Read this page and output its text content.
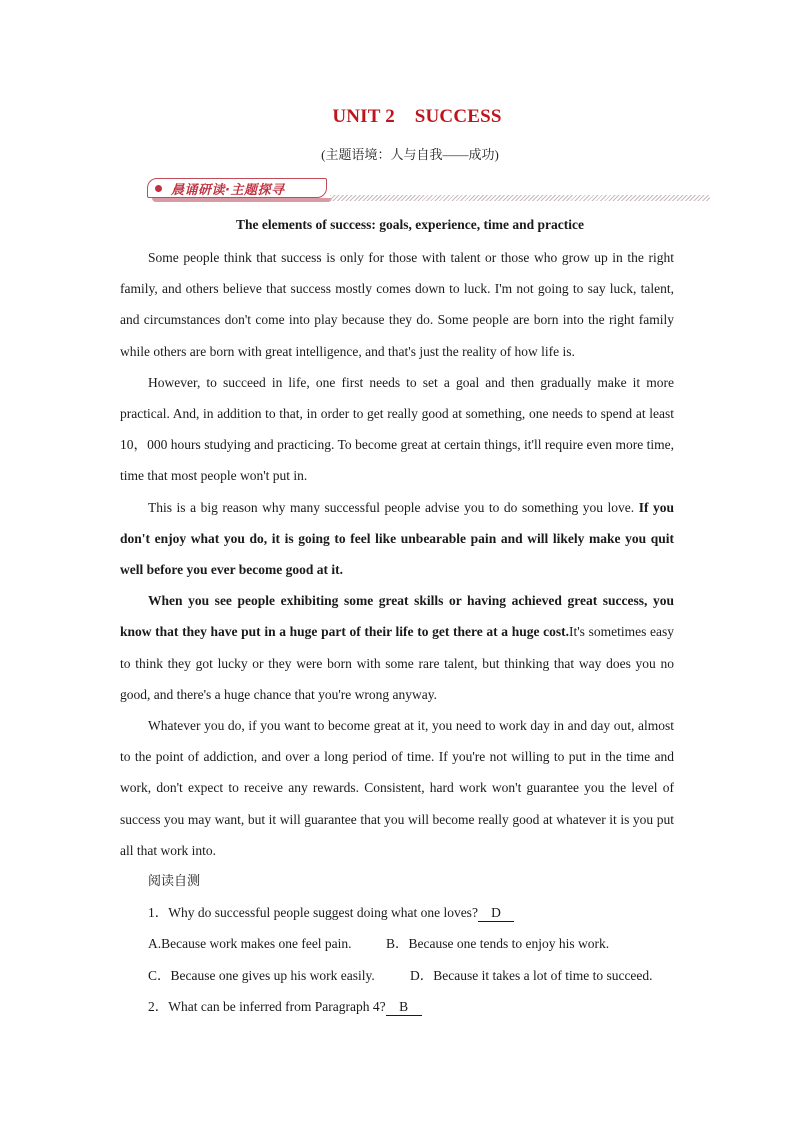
UNIT 2    SUCCESS
(主题语境：人与自我——成功)
晨诵研读·主题探寻
The elements of success: goals, experience, time and practice

Some people think that success is only for those with talent or those who grow up in the right family, and others believe that success mostly comes down to luck. I'm not going to say luck, talent, and circumstances don't come into play because they do. Some people are born into the right family while others are born with great intelligence, and that's just the reality of how life is.

However, to succeed in life, one first needs to set a goal and then gradually make it more practical. And, in addition to that, in order to get really good at something, one needs to spend at least 10，000 hours studying and practicing. To become great at certain things, it'll require even more time, time that most people won't put in.

This is a big reason why many successful people advise you to do something you love. If you don't enjoy what you do, it is going to feel like unbearable pain and will likely make you quit well before you ever become good at it.

When you see people exhibiting some great skills or having achieved great success, you know that they have put in a huge part of their life to get there at a huge cost.It's sometimes easy to think they got lucky or they were born with some rare talent, but thinking that way does you no good, and there's a huge chance that you're wrong anyway.

Whatever you do, if you want to become great at it, you need to work day in and day out, almost to the point of addiction, and over a long period of time. If you're not willing to put in the time and work, don't expect to receive any rewards. Consistent, hard work won't guarantee you the level of success you may want, but it will guarantee that you will become really good at whatever it is you put all that work into.

阅读自测
1．Why do successful people suggest doing what one loves? D
A.Because work makes one feel pain.	B．Because one tends to enjoy his work.
C．Because one gives up his work easily.	D．Because it takes a lot of time to succeed.
2．What can be inferred from Paragraph 4? B
